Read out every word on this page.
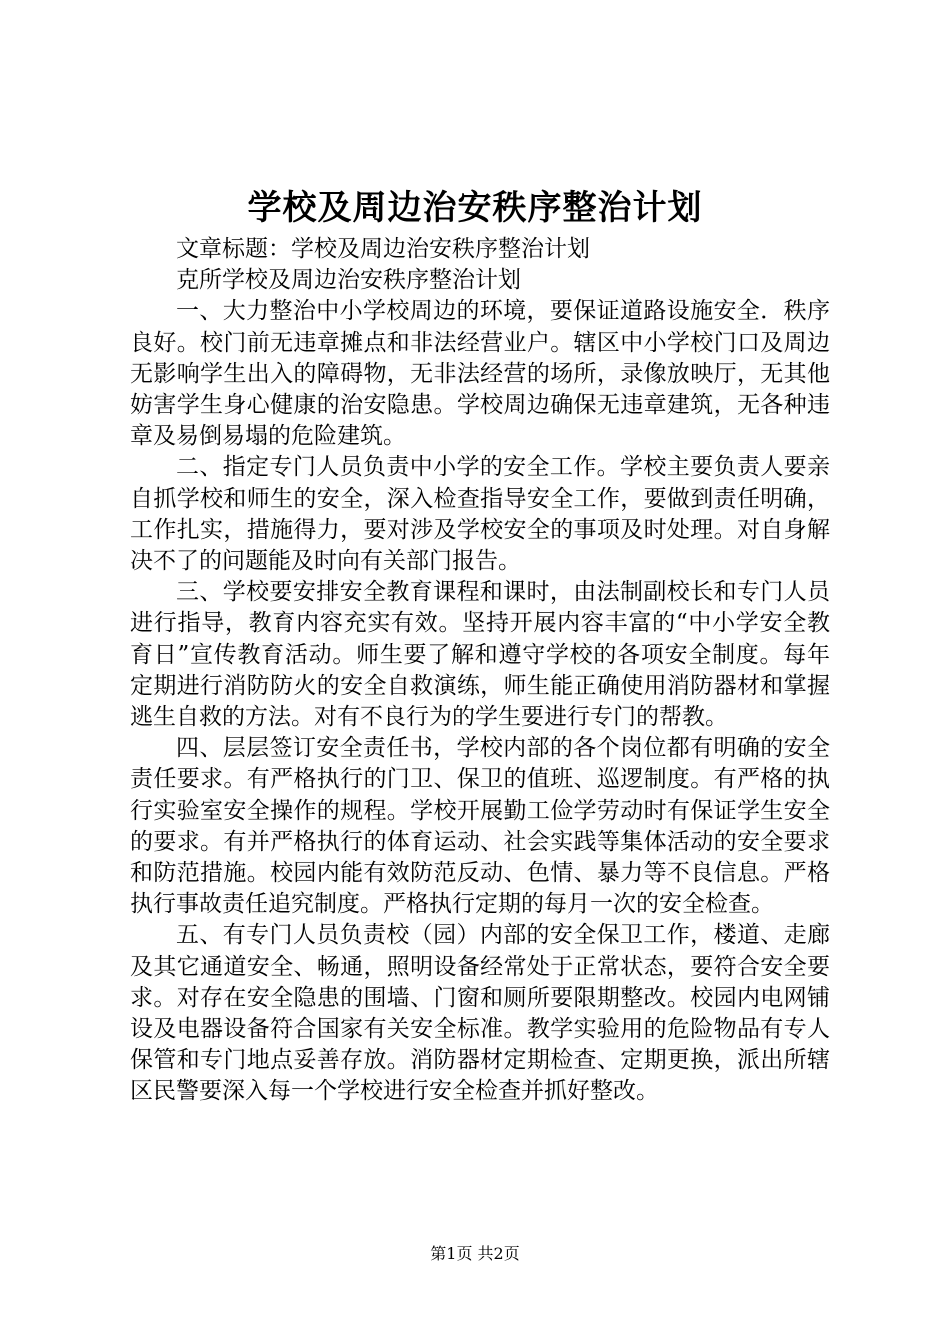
学校及周边治安秩序整治计划

文章标题：学校及周边治安秩序整治计划

克所学校及周边治安秩序整治计划

一、大力整治中小学校周边的环境，要保证道路设施安全．秩序良好。校门前无违章摊点和非法经营业户。辖区中小学校门口及周边无影响学生出入的障碍物，无非法经营的场所，录像放映厅，无其他妨害学生身心健康的治安隐患。学校周边确保无违章建筑，无各种违章及易倒易塌的危险建筑。

二、指定专门人员负责中小学的安全工作。学校主要负责人要亲自抓学校和师生的安全，深入检查指导安全工作，要做到责任明确，工作扎实，措施得力，要对涉及学校安全的事项及时处理。对自身解决不了的问题能及时向有关部门报告。

三、学校要安排安全教育课程和课时，由法制副校长和专门人员进行指导，教育内容充实有效。坚持开展内容丰富的“中小学安全教育日”宣传教育活动。师生要了解和遵守学校的各项安全制度。每年定期进行消防防火的安全自救演练，师生能正确使用消防器材和掌握逃生自救的方法。对有不良行为的学生要进行专门的帮教。

四、层层签订安全责任书，学校内部的各个岗位都有明确的安全责任要求。有严格执行的门卫、保卫的值班、巡逻制度。有严格的执行实验室安全操作的规程。学校开展勤工俭学劳动时有保证学生安全的要求。有并严格执行的体育运动、社会实践等集体活动的安全要求和防范措施。校园内能有效防范反动、色情、暴力等不良信息。严格执行事故责任追究制度。严格执行定期的每月一次的安全检查。

五、有专门人员负责校（园）内部的安全保卫工作，楼道、走廊及其它通道安全、畅通，照明设备经常处于正常状态，要符合安全要求。对存在安全隐患的围墙、门窗和厕所要限期整改。校园内电网铺设及电器设备符合国家有关安全标准。教学实验用的危险物品有专人保管和专门地点妥善存放。消防器材定期检查、定期更换，派出所辖区民警要深入每一个学校进行安全检查并抓好整改。

第1页 共2页
